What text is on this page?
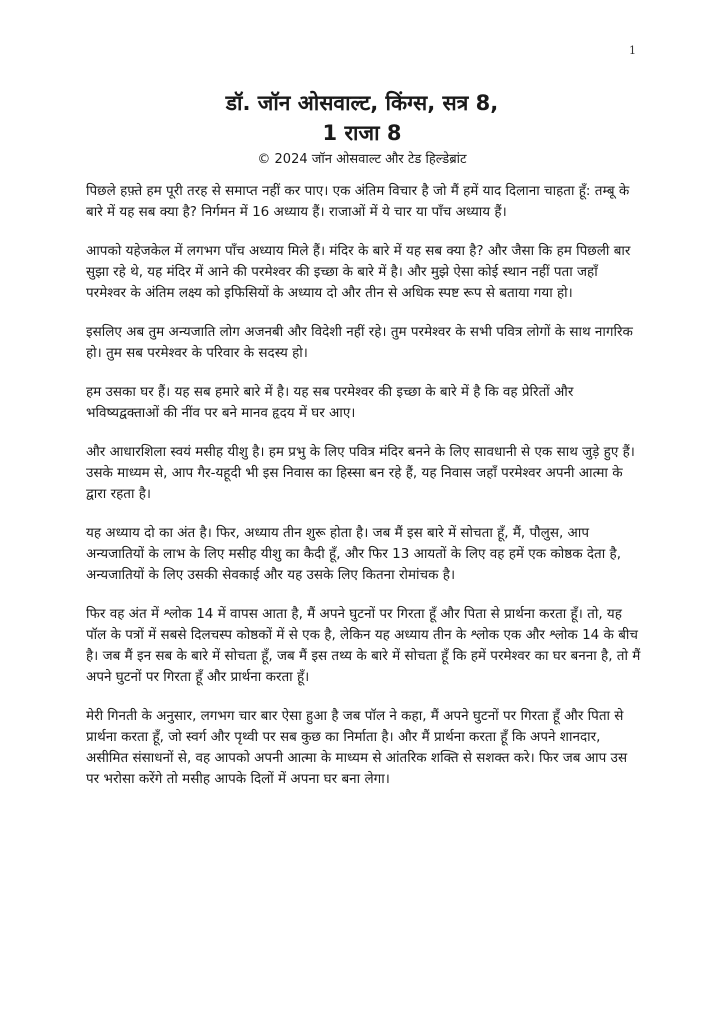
1
डॉ. जॉन ओसवाल्ट, किंग्स, सत्र 8,
1 राजा 8
© 2024 जॉन ओसवाल्ट और टेड हिल्डेब्रांट

पिछले हफ़्ते हम पूरी तरह से समाप्त नहीं कर पाए। एक अंतिम विचार है जो मैं हमें याद दिलाना चाहता हूँ: तम्बू के बारे में यह सब क्या है? निर्गमन में 16 अध्याय हैं। राजाओं में ये चार या पाँच अध्याय हैं।

आपको यहेजकेल में लगभग पाँच अध्याय मिले हैं। मंदिर के बारे में यह सब क्या है? और जैसा कि हम पिछली बार सुझा रहे थे, यह मंदिर में आने की परमेश्वर की इच्छा के बारे में है। और मुझे ऐसा कोई स्थान नहीं पता जहाँ परमेश्वर के अंतिम लक्ष्य को इफिसियों के अध्याय दो और तीन से अधिक स्पष्ट रूप से बताया गया हो।

इसलिए अब तुम अन्यजाति लोग अजनबी और विदेशी नहीं रहे। तुम परमेश्वर के सभी पवित्र लोगों के साथ नागरिक हो। तुम सब परमेश्वर के परिवार के सदस्य हो।

हम उसका घर हैं। यह सब हमारे बारे में है। यह सब परमेश्वर की इच्छा के बारे में है कि वह प्रेरितों और भविष्यद्वक्ताओं की नींव पर बने मानव हृदय में घर आए।

और आधारशिला स्वयं मसीह यीशु है। हम प्रभु के लिए पवित्र मंदिर बनने के लिए सावधानी से एक साथ जुड़े हुए हैं। उसके माध्यम से, आप गैर-यहूदी भी इस निवास का हिस्सा बन रहे हैं, यह निवास जहाँ परमेश्वर अपनी आत्मा के द्वारा रहता है।

यह अध्याय दो का अंत है। फिर, अध्याय तीन शुरू होता है। जब मैं इस बारे में सोचता हूँ, मैं, पौलुस, आप अन्यजातियों के लाभ के लिए मसीह यीशु का कैदी हूँ, और फिर 13 आयतों के लिए वह हमें एक कोष्ठक देता है, अन्यजातियों के लिए उसकी सेवकाई और यह उसके लिए कितना रोमांचक है।

फिर वह अंत में श्लोक 14 में वापस आता है, मैं अपने घुटनों पर गिरता हूँ और पिता से प्रार्थना करता हूँ। तो, यह पॉल के पत्रों में सबसे दिलचस्प कोष्ठकों में से एक है, लेकिन यह अध्याय तीन के श्लोक एक और श्लोक 14 के बीच है। जब मैं इन सब के बारे में सोचता हूँ, जब मैं इस तथ्य के बारे में सोचता हूँ कि हमें परमेश्वर का घर बनना है, तो मैं अपने घुटनों पर गिरता हूँ और प्रार्थना करता हूँ।

मेरी गिनती के अनुसार, लगभग चार बार ऐसा हुआ है जब पॉल ने कहा, मैं अपने घुटनों पर गिरता हूँ और पिता से प्रार्थना करता हूँ, जो स्वर्ग और पृथ्वी पर सब कुछ का निर्माता है। और मैं प्रार्थना करता हूँ कि अपने शानदार, असीमित संसाधनों से, वह आपको अपनी आत्मा के माध्यम से आंतरिक शक्ति से सशक्त करे। फिर जब आप उस पर भरोसा करेंगे तो मसीह आपके दिलों में अपना घर बना लेगा।
